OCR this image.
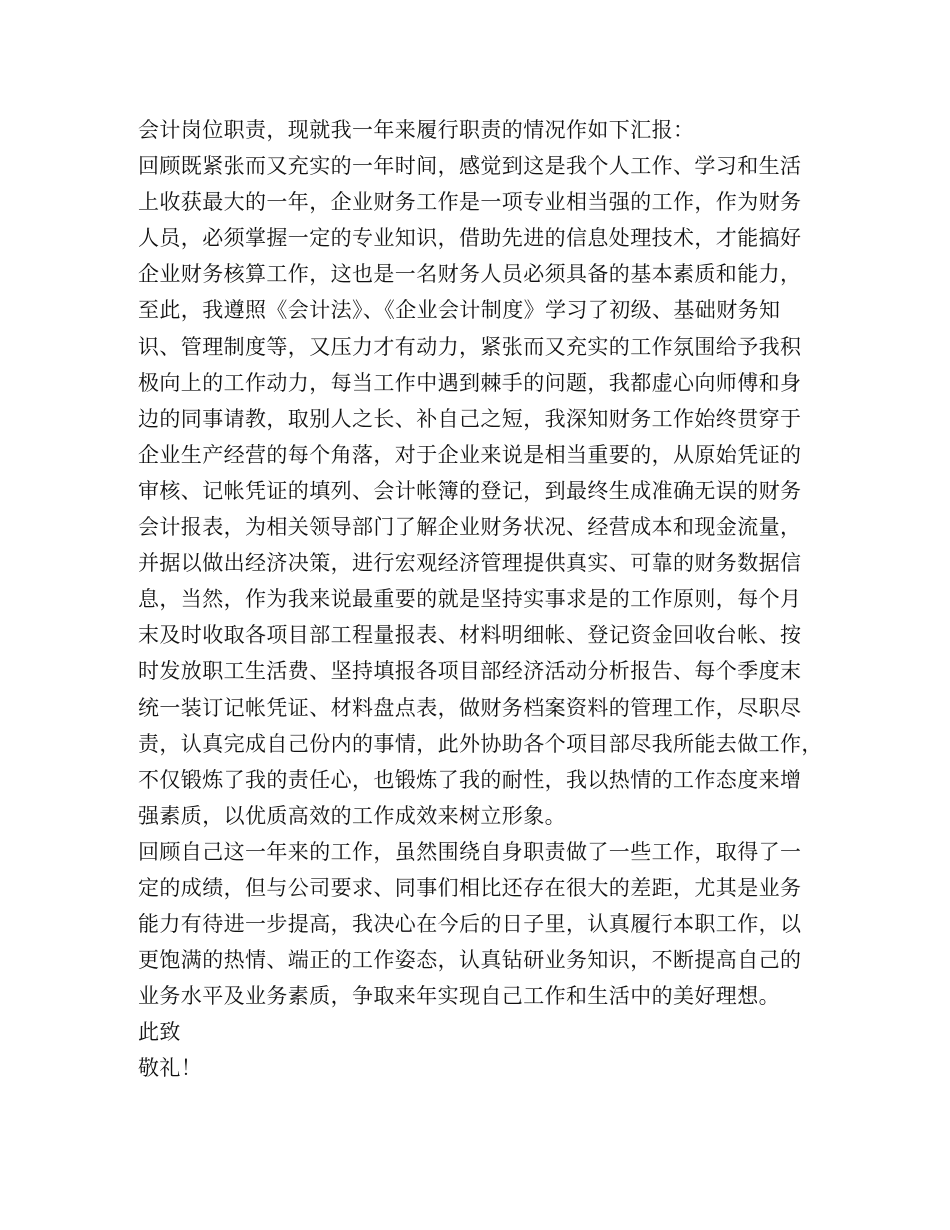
会计岗位职责，现就我一年来履行职责的情况作如下汇报：
回顾既紧张而又充实的一年时间，感觉到这是我个人工作、学习和生活
上收获最大的一年，企业财务工作是一项专业相当强的工作，作为财务
人员，必须掌握一定的专业知识，借助先进的信息处理技术，才能搞好
企业财务核算工作，这也是一名财务人员必须具备的基本素质和能力，
至此，我遵照《会计法》、《企业会计制度》学习了初级、基础财务知
识、管理制度等，又压力才有动力，紧张而又充实的工作氛围给予我积
极向上的工作动力，每当工作中遇到棘手的问题，我都虚心向师傅和身
边的同事请教，取别人之长、补自己之短，我深知财务工作始终贯穿于
企业生产经营的每个角落，对于企业来说是相当重要的，从原始凭证的
审核、记帐凭证的填列、会计帐簿的登记，到最终生成准确无误的财务
会计报表，为相关领导部门了解企业财务状况、经营成本和现金流量，
并据以做出经济决策，进行宏观经济管理提供真实、可靠的财务数据信
息，当然，作为我来说最重要的就是坚持实事求是的工作原则，每个月
末及时收取各项目部工程量报表、材料明细帐、登记资金回收台帐、按
时发放职工生活费、坚持填报各项目部经济活动分析报告、每个季度末
统一装订记帐凭证、材料盘点表，做财务档案资料的管理工作，尽职尽
责，认真完成自己份内的事情，此外协助各个项目部尽我所能去做工作，
不仅锻炼了我的责任心，也锻炼了我的耐性，我以热情的工作态度来增
强素质，以优质高效的工作成效来树立形象。
回顾自己这一年来的工作，虽然围绕自身职责做了一些工作，取得了一
定的成绩，但与公司要求、同事们相比还存在很大的差距，尤其是业务
能力有待进一步提高，我决心在今后的日子里，认真履行本职工作，以
更饱满的热情、端正的工作姿态，认真钻研业务知识，不断提高自己的
业务水平及业务素质，争取来年实现自己工作和生活中的美好理想。
此致
敬礼！
